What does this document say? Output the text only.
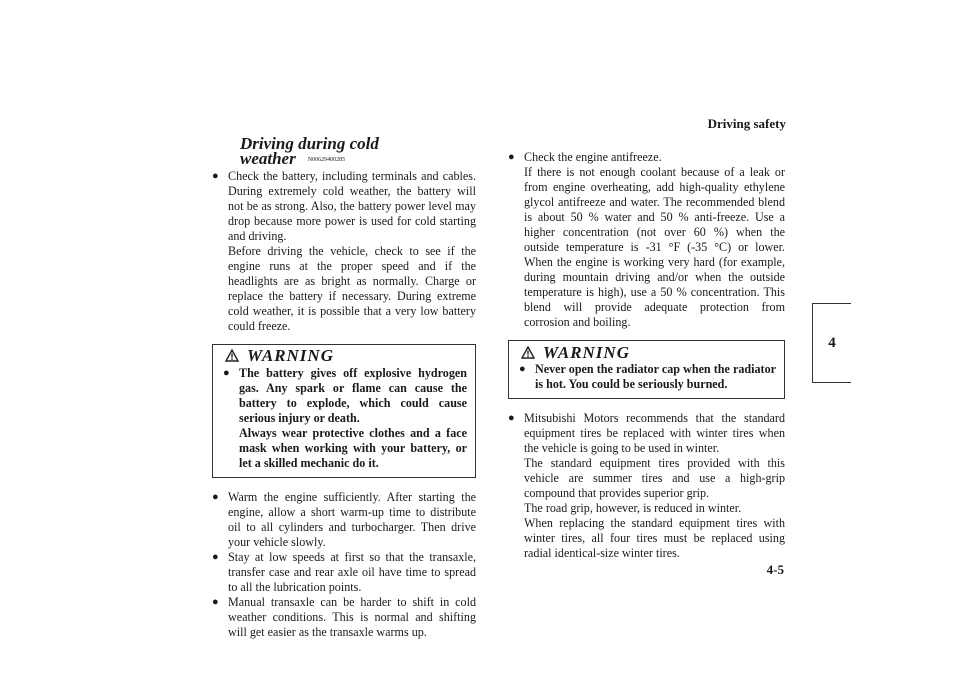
Driving safety
4
Driving during cold weather N00629400285
● Check the battery, including terminals and cables. During extremely cold weather, the battery will not be as strong. Also, the battery power level may drop because more power is used for cold starting and driving.

Before driving the vehicle, check to see if the engine runs at the proper speed and if the headlights are as bright as normally. Charge or replace the battery if necessary. During extreme cold weather, it is possible that a very low battery could freeze.

WARNING
● The battery gives off explosive hydrogen gas. Any spark or flame can cause the battery to explode, which could cause serious injury or death.

Always wear protective clothes and a face mask when working with your battery, or let a skilled mechanic do it.

● Warm the engine sufficiently. After starting the engine, allow a short warm-up time to distribute oil to all cylinders and turbocharger. Then drive your vehicle slowly.

● Stay at low speeds at first so that the transaxle, transfer case and rear axle oil have time to spread to all the lubrication points.

● Manual transaxle can be harder to shift in cold weather conditions. This is normal and shifting will get easier as the transaxle warms up.

● Check the engine antifreeze.

If there is not enough coolant because of a leak or from engine overheating, add high-quality ethylene glycol antifreeze and water. The recommended blend is about 50 % water and 50 % anti-freeze. Use a higher concentration (not over 60 %) when the outside temperature is -31 °F (-35 °C) or lower. When the engine is working very hard (for example, during mountain driving and/or when the outside temperature is high), use a 50 % concentration. This blend will provide adequate protection from corrosion and boiling.

WARNING
● Never open the radiator cap when the radiator is hot. You could be seriously burned.

● Mitsubishi Motors recommends that the standard equipment tires be replaced with winter tires when the vehicle is going to be used in winter.

The standard equipment tires provided with this vehicle are summer tires and use a high-grip compound that provides superior grip.

The road grip, however, is reduced in winter.

When replacing the standard equipment tires with winter tires, all four tires must be replaced using radial identical-size winter tires.

4-5
